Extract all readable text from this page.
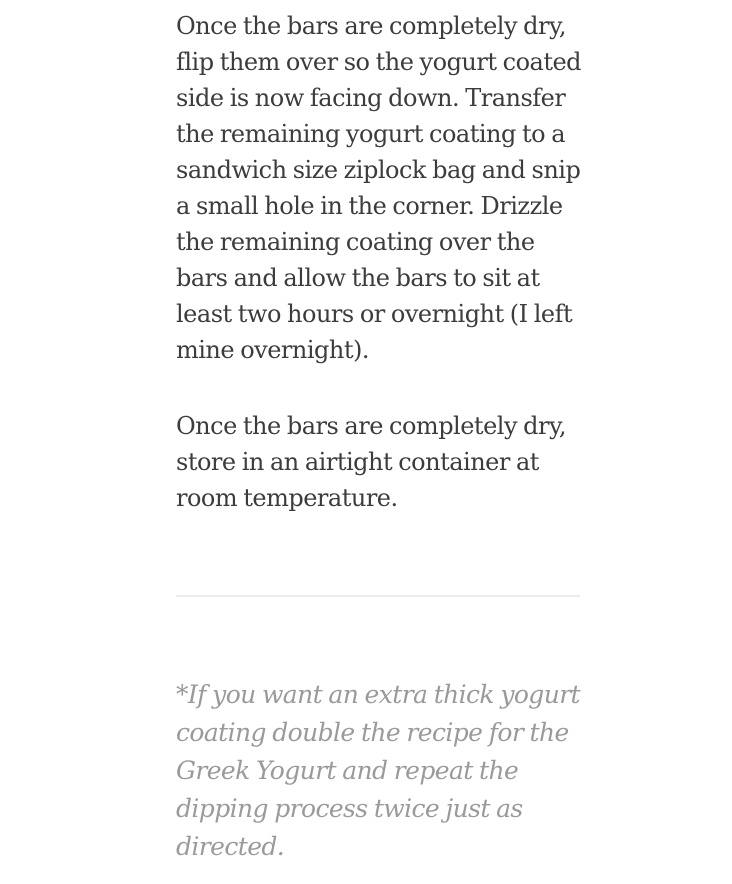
Once the bars are completely dry, flip them over so the yogurt coated side is now facing down. Transfer the remaining yogurt coating to a sandwich size ziplock bag and snip a small hole in the corner. Drizzle the remaining coating over the bars and allow the bars to sit at least two hours or overnight (I left mine overnight).

Once the bars are completely dry, store in an airtight container at room temperature.

*If you want an extra thick yogurt coating double the recipe for the Greek Yogurt and repeat the dipping process twice just as directed.
